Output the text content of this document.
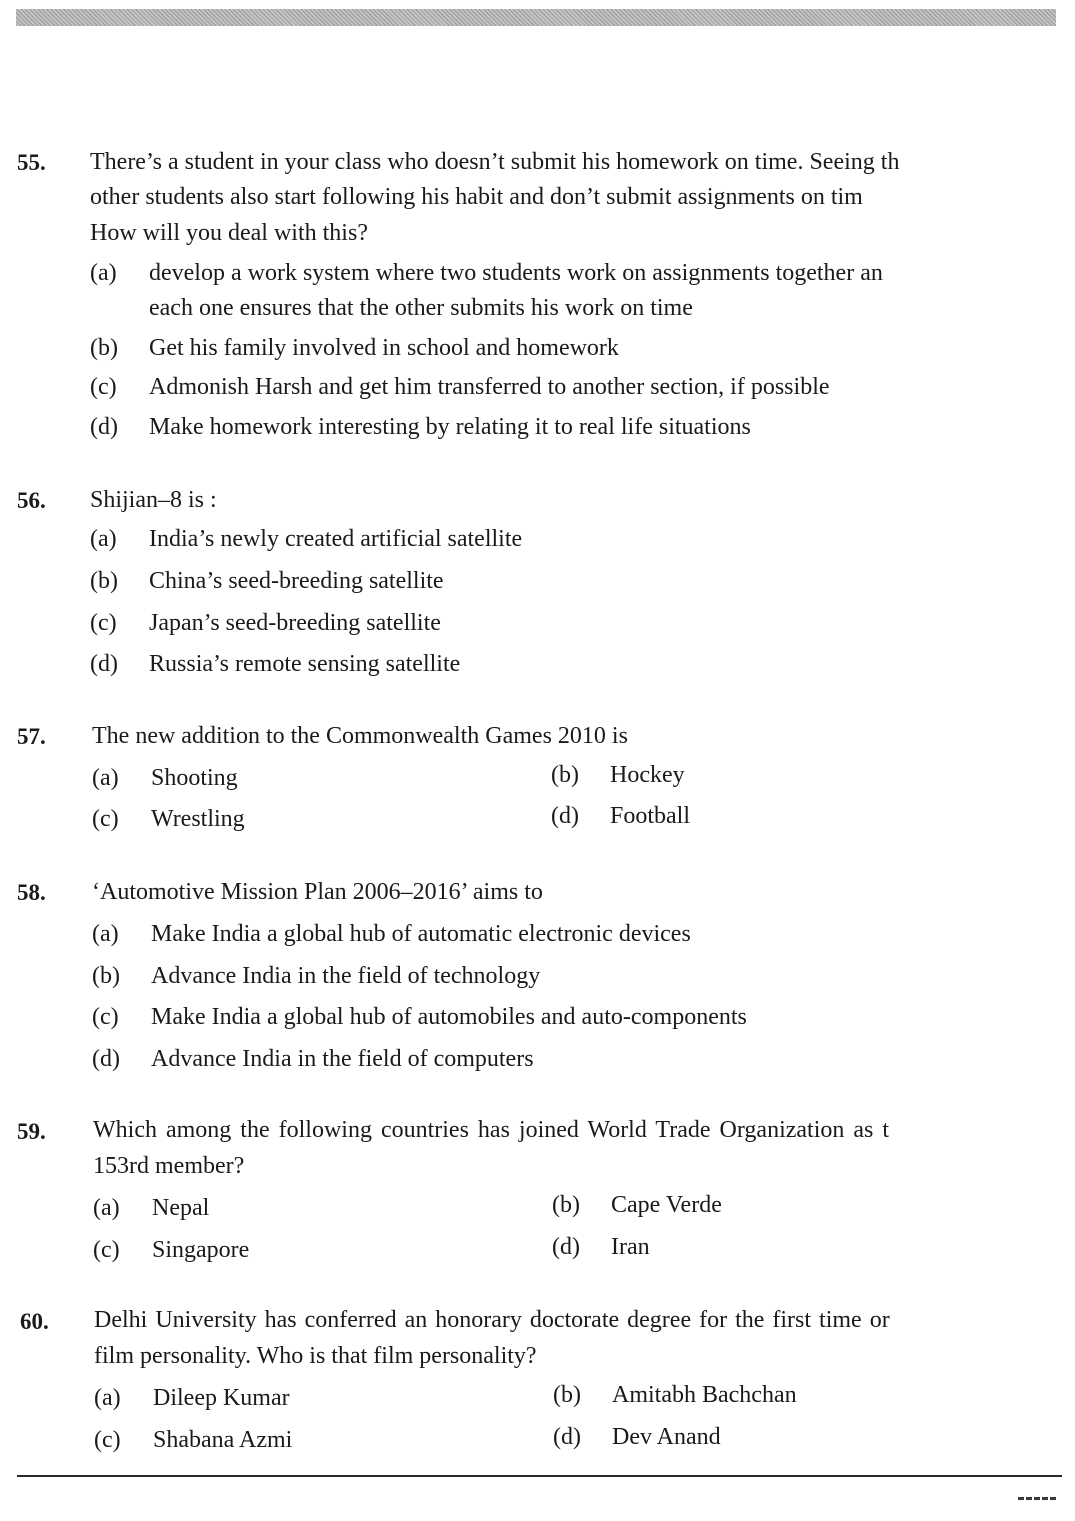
55. There’s a student in your class who doesn’t submit his homework on time. Seeing th
other students also start following his habit and don’t submit assignments on tim
How will you deal with this?
(a) develop a work system where two students work on assignments together an
each one ensures that the other submits his work on time
(b) Get his family involved in school and homework
(c) Admonish Harsh and get him transferred to another section, if possible
(d) Make homework interesting by relating it to real life situations
56. Shijian–8 is :
(a) India’s newly created artificial satellite
(b) China’s seed-breeding satellite
(c) Japan’s seed-breeding satellite
(d) Russia’s remote sensing satellite
57. The new addition to the Commonwealth Games 2010 is
(a) Shooting	(b) Hockey
(c) Wrestling	(d) Football
58. ‘Automotive Mission Plan 2006–2016’ aims to
(a) Make India a global hub of automatic electronic devices
(b) Advance India in the field of technology
(c) Make India a global hub of automobiles and auto-components
(d) Advance India in the field of computers
59. Which among the following countries has joined World Trade Organization as t
153rd member?
(a) Nepal	(b) Cape Verde
(c) Singapore	(d) Iran
60. Delhi University has conferred an honorary doctorate degree for the first time or
film personality. Who is that film personality?
(a) Dileep Kumar	(b) Amitabh Bachchan
(c) Shabana Azmi	(d) Dev Anand
